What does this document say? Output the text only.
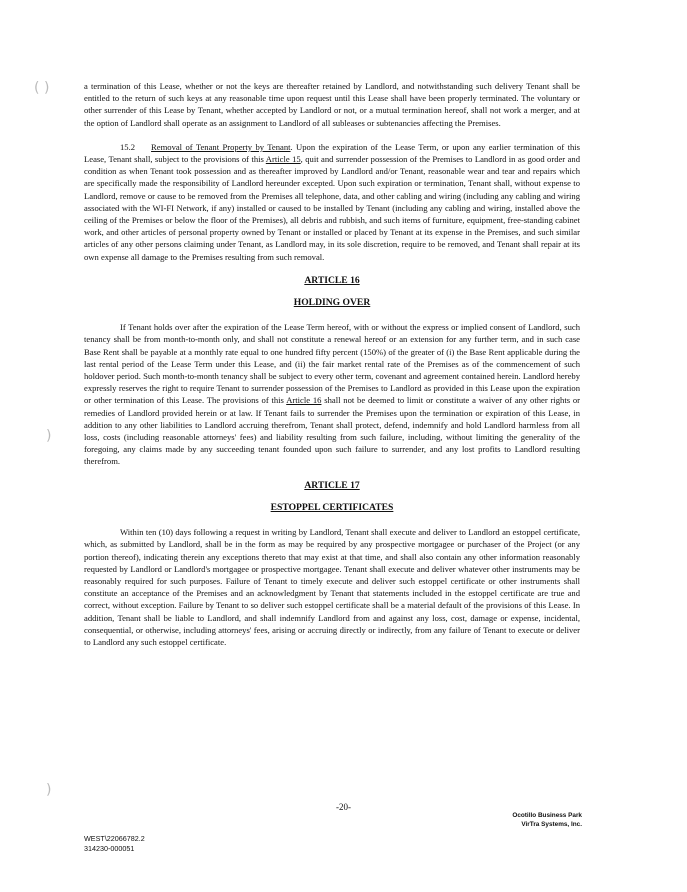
( )
)
)

a termination of this Lease, whether or not the keys are thereafter retained by Landlord, and notwithstanding such delivery Tenant shall be entitled to the return of such keys at any reasonable time upon request until this Lease shall have been properly terminated. The voluntary or other surrender of this Lease by Tenant, whether accepted by Landlord or not, or a mutual termination hereof, shall not work a merger, and at the option of Landlord shall operate as an assignment to Landlord of all subleases or subtenancies affecting the Premises.

15.2 Removal of Tenant Property by Tenant. Upon the expiration of the Lease Term, or upon any earlier termination of this Lease, Tenant shall, subject to the provisions of this Article 15, quit and surrender possession of the Premises to Landlord in as good order and condition as when Tenant took possession and as thereafter improved by Landlord and/or Tenant, reasonable wear and tear and repairs which are specifically made the responsibility of Landlord hereunder excepted. Upon such expiration or termination, Tenant shall, without expense to Landlord, remove or cause to be removed from the Premises all telephone, data, and other cabling and wiring (including any cabling and wiring associated with the WI-FI Network, if any) installed or caused to be installed by Tenant (including any cabling and wiring, installed above the ceiling of the Premises or below the floor of the Premises), all debris and rubbish, and such items of furniture, equipment, free-standing cabinet work, and other articles of personal property owned by Tenant or installed or placed by Tenant at its expense in the Premises, and such similar articles of any other persons claiming under Tenant, as Landlord may, in its sole discretion, require to be removed, and Tenant shall repair at its own expense all damage to the Premises resulting from such removal.

ARTICLE 16
HOLDING OVER

If Tenant holds over after the expiration of the Lease Term hereof, with or without the express or implied consent of Landlord, such tenancy shall be from month-to-month only, and shall not constitute a renewal hereof or an extension for any further term, and in such case Base Rent shall be payable at a monthly rate equal to one hundred fifty percent (150%) of the greater of (i) the Base Rent applicable during the last rental period of the Lease Term under this Lease, and (ii) the fair market rental rate of the Premises as of the commencement of such holdover period. Such month-to-month tenancy shall be subject to every other term, covenant and agreement contained herein. Landlord hereby expressly reserves the right to require Tenant to surrender possession of the Premises to Landlord as provided in this Lease upon the expiration or other termination of this Lease. The provisions of this Article 16 shall not be deemed to limit or constitute a waiver of any other rights or remedies of Landlord provided herein or at law. If Tenant fails to surrender the Premises upon the termination or expiration of this Lease, in addition to any other liabilities to Landlord accruing therefrom, Tenant shall protect, defend, indemnify and hold Landlord harmless from all loss, costs (including reasonable attorneys' fees) and liability resulting from such failure, including, without limiting the generality of the foregoing, any claims made by any succeeding tenant founded upon such failure to surrender, and any lost profits to Landlord resulting therefrom.

ARTICLE 17
ESTOPPEL CERTIFICATES

Within ten (10) days following a request in writing by Landlord, Tenant shall execute and deliver to Landlord an estoppel certificate, which, as submitted by Landlord, shall be in the form as may be required by any prospective mortgagee or purchaser of the Project (or any portion thereof), indicating therein any exceptions thereto that may exist at that time, and shall also contain any other information reasonably requested by Landlord or Landlord's mortgagee or prospective mortgagee. Tenant shall execute and deliver whatever other instruments may be reasonably required for such purposes. Failure of Tenant to timely execute and deliver such estoppel certificate or other instruments shall constitute an acceptance of the Premises and an acknowledgment by Tenant that statements included in the estoppel certificate are true and correct, without exception. Failure by Tenant to so deliver such estoppel certificate shall be a material default of the provisions of this Lease. In addition, Tenant shall be liable to Landlord, and shall indemnify Landlord from and against any loss, cost, damage or expense, incidental, consequential, or otherwise, including attorneys' fees, arising or accruing directly or indirectly, from any failure of Tenant to execute or deliver to Landlord any such estoppel certificate.

-20-
Ocotillo Business Park
VirTra Systems, Inc.
WEST\22066782.2
314230-000051
